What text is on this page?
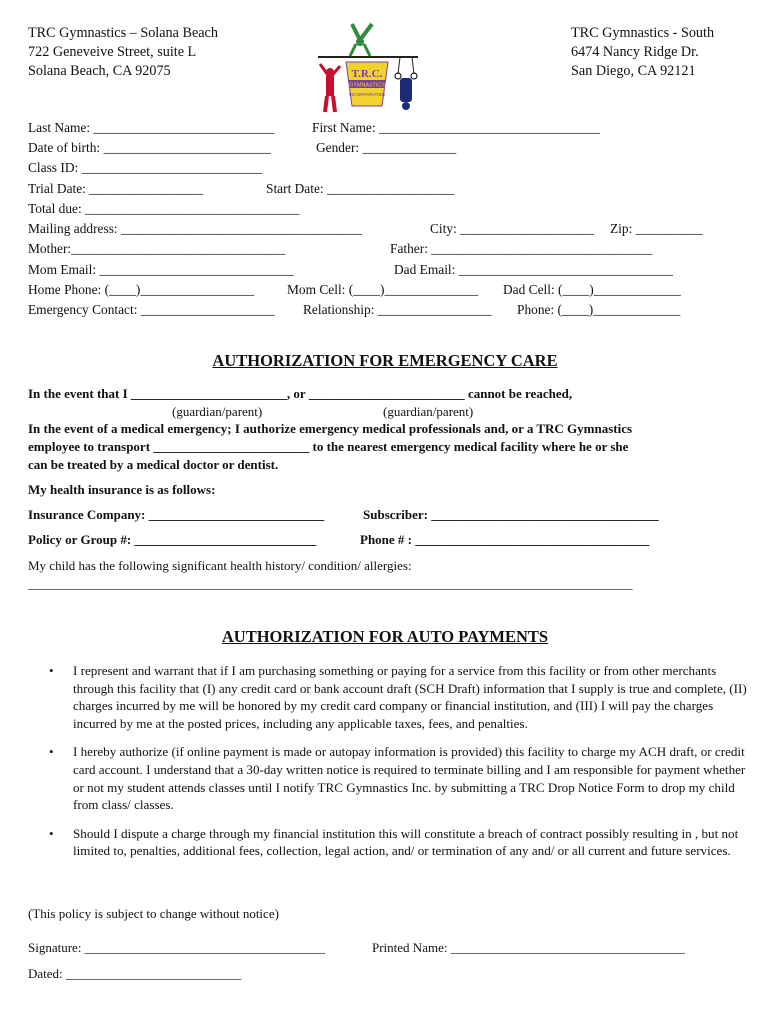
TRC Gymnastics – Solana Beach
722 Geneveive Street, suite L
Solana Beach, CA 92075
TRC Gymnastics - South
6474 Nancy Ridge Dr.
San Diego, CA 92121
T.R.C.
GYMNASTICS
INCORPORATED
Last Name: ___________________________	First Name: _________________________________
Date of birth: _________________________	Gender: ______________
Class ID: ___________________________
Trial Date: _________________	Start Date: ___________________
Total due: ________________________________
Mailing address: ____________________________________	City: ____________________ Zip: __________
Mother:________________________________	Father: _________________________________
Mom Email: _____________________________	Dad Email: ________________________________
Home Phone: (____)_________________ Mom Cell: (____)______________ Dad Cell: (____)_____________
Emergency Contact: ____________________ Relationship: _________________ Phone: (____)_____________
AUTHORIZATION FOR EMERGENCY CARE
In the event that I ________________________, or ________________________ cannot be reached,
(guardian/parent)	(guardian/parent)
In the event of a medical emergency; I authorize emergency medical professionals and, or a TRC Gymnastics
employee to transport ________________________ to the nearest emergency medical facility where he or she
can be treated by a medical doctor or dentist.
My health insurance is as follows:
Insurance Company: ___________________________	Subscriber: ___________________________________
Policy or Group #: ____________________________	Phone # : ____________________________________
My child has the following significant health history/ condition/ allergies:
_____________________________________________________________________________________________
AUTHORIZATION FOR AUTO PAYMENTS
• I represent and warrant that if I am purchasing something or paying for a service from this facility or from other merchants through this facility that (I) any credit card or bank account draft (SCH Draft) information that I supply is true and complete, (II) charges incurred by me will be honored by my credit card company or financial institution, and (III) I will pay the charges incurred by me at the posted prices, including any applicable taxes, fees, and penalties.
• I hereby authorize (if online payment is made or autopay information is provided) this facility to charge my ACH draft, or credit card account. I understand that a 30-day written notice is required to terminate billing and I am responsible for payment whether or not my student attends classes until I notify TRC Gymnastics Inc. by submitting a TRC Drop Notice Form to drop my child from class/ classes.
• Should I dispute a charge through my financial institution this will constitute a breach of contract possibly resulting in , but not limited to, penalties, additional fees, collection, legal action, and/ or termination of any and/ or all current and future services.
(This policy is subject to change without notice)
Signature: _____________________________________	Printed Name: ____________________________________
Dated: ___________________________
